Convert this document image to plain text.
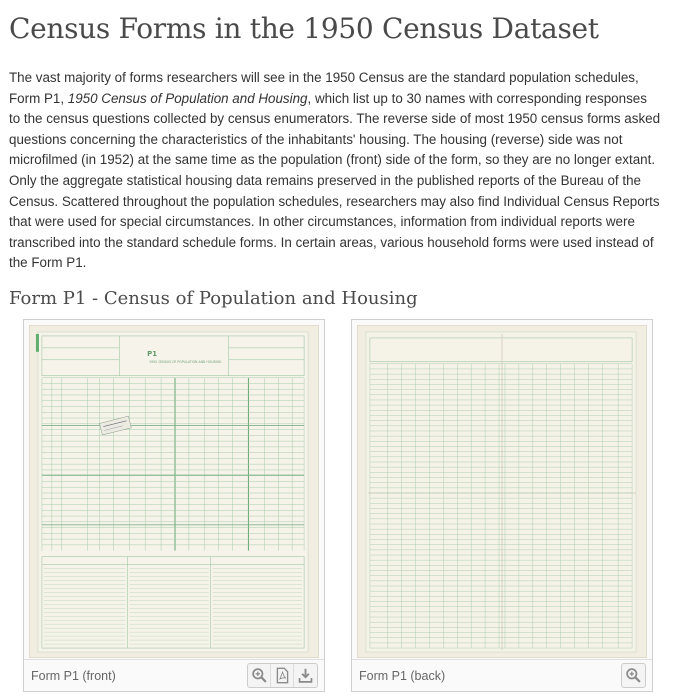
Census Forms in the 1950 Census Dataset

The vast majority of forms researchers will see in the 1950 Census are the standard population schedules, Form P1, 1950 Census of Population and Housing, which list up to 30 names with corresponding responses to the census questions collected by census enumerators. The reverse side of most 1950 census forms asked questions concerning the characteristics of the inhabitants' housing. The housing (reverse) side was not microfilmed (in 1952) at the same time as the population (front) side of the form, so they are no longer extant. Only the aggregate statistical housing data remains preserved in the published reports of the Bureau of the Census. Scattered throughout the population schedules, researchers may also find Individual Census Reports that were used for special circumstances. In other circumstances, information from individual reports were transcribed into the standard schedule forms. In certain areas, various household forms were used instead of the Form P1.

Form P1 - Census of Population and Housing
P1
1950 CENSUS OF POPULATION AND HOUSING
Form P1 (front)	Form P1 (back)
